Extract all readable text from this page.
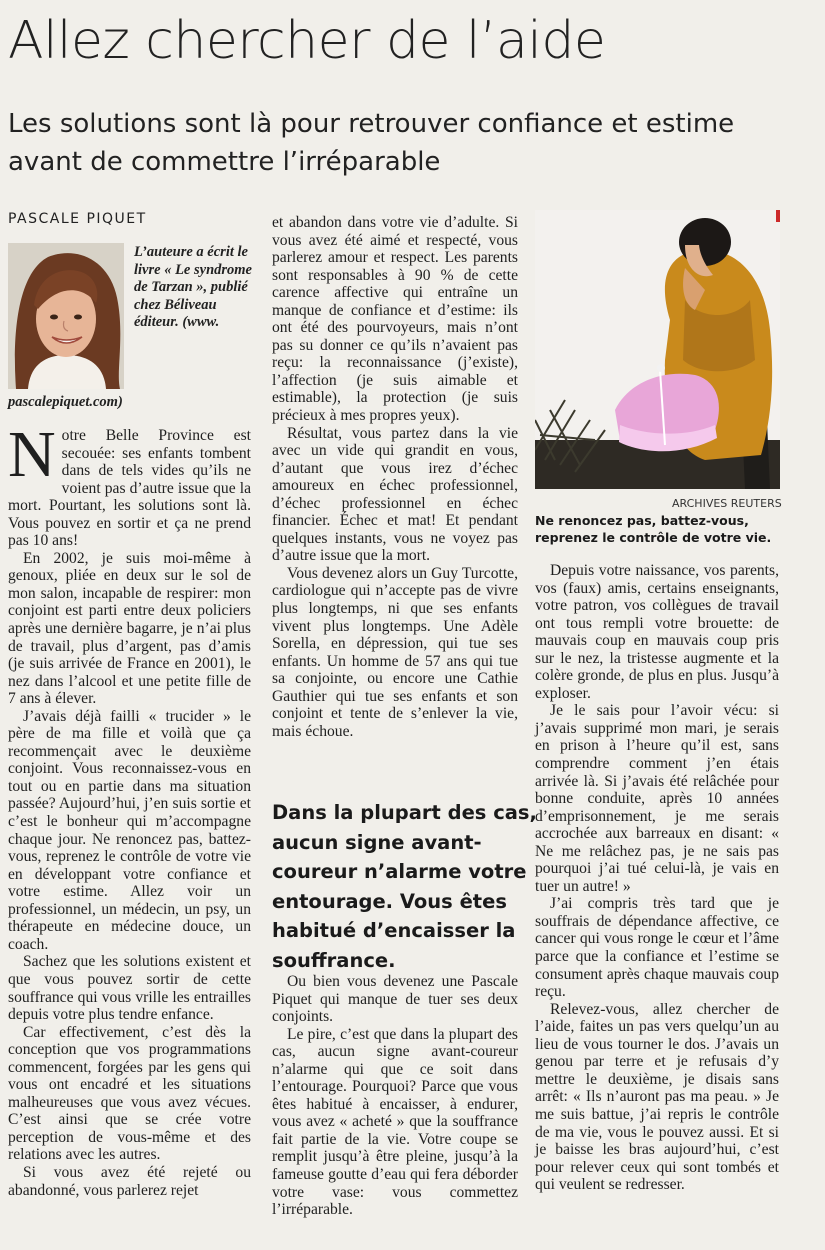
Allez chercher de l’aide
Les solutions sont là pour retrouver confiance et estime avant de commettre l’irréparable
PASCALE PIQUET
L’auteure a écrit le livre « Le syndrome de Tarzan », publié chez Béliveau éditeur. (www.
pascalepiquet.com)

Notre Belle Province est secouée: ses enfants tombent dans de tels vides qu’ils ne voient pas d’autre issue que la mort. Pourtant, les solutions sont là. Vous pouvez en sortir et ça ne prend pas 10 ans!

En 2002, je suis moi-même à genoux, pliée en deux sur le sol de mon salon, incapable de respirer: mon conjoint est parti entre deux policiers après une dernière bagarre, je n’ai plus de travail, plus d’argent, pas d’amis (je suis arrivée de France en 2001), le nez dans l’alcool et une petite fille de 7 ans à élever.

J’avais déjà failli « trucider » le père de ma fille et voilà que ça recommençait avec le deuxième conjoint. Vous reconnaissez-vous en tout ou en partie dans ma situation passée? Aujourd’hui, j’en suis sortie et c’est le bonheur qui m’accompagne chaque jour. Ne renoncez pas, battez-vous, reprenez le contrôle de votre vie en développant votre confiance et votre estime. Allez voir un professionnel, un médecin, un psy, un thérapeute en médecine douce, un coach.

Sachez que les solutions existent et que vous pouvez sortir de cette souffrance qui vous vrille les entrailles depuis votre plus tendre enfance.

Car effectivement, c’est dès la conception que vos programmations commencent, forgées par les gens qui vous ont encadré et les situations malheureuses que vous avez vécues. C’est ainsi que se crée votre perception de vous-même et des relations avec les autres.

Si vous avez été rejeté ou abandonné, vous parlerez rejet

et abandon dans votre vie d’adulte. Si vous avez été aimé et respecté, vous parlerez amour et respect. Les parents sont responsables à 90 % de cette carence affective qui entraîne un manque de confiance et d’estime: ils ont été des pourvoyeurs, mais n’ont pas su donner ce qu’ils n’avaient pas reçu: la reconnaissance (j’existe), l’affection (je suis aimable et estimable), la protection (je suis précieux à mes propres yeux).

Résultat, vous partez dans la vie avec un vide qui grandit en vous, d’autant que vous irez d’échec amoureux en échec professionnel, d’échec professionnel en échec financier. Échec et mat! Et pendant quelques instants, vous ne voyez pas d’autre issue que la mort.

Vous devenez alors un Guy Turcotte, cardiologue qui n’accepte pas de vivre plus longtemps, ni que ses enfants vivent plus longtemps. Une Adèle Sorella, en dépression, qui tue ses enfants. Un homme de 57 ans qui tue sa conjointe, ou encore une Cathie Gauthier qui tue ses enfants et son conjoint et tente de s’enlever la vie, mais échoue.

Dans la plupart des cas, aucun signe avant-coureur n’alarme votre entourage. Vous êtes habitué d’encaisser la souffrance.

Ou bien vous devenez une Pascale Piquet qui manque de tuer ses deux conjoints.

Le pire, c’est que dans la plupart des cas, aucun signe avant-coureur n’alarme qui que ce soit dans l’entourage. Pourquoi? Parce que vous êtes habitué à encaisser, à endurer, vous avez « acheté » que la souffrance fait partie de la vie. Votre coupe se remplit jusqu’à être pleine, jusqu’à la fameuse goutte d’eau qui fera déborder votre vase: vous commettez l’irréparable.

ARCHIVES REUTERS
Ne renoncez pas, battez-vous, reprenez le contrôle de votre vie.

Depuis votre naissance, vos parents, vos (faux) amis, certains enseignants, votre patron, vos collègues de travail ont tous rempli votre brouette: de mauvais coup en mauvais coup pris sur le nez, la tristesse augmente et la colère gronde, de plus en plus. Jusqu’à exploser.

Je le sais pour l’avoir vécu: si j’avais supprimé mon mari, je serais en prison à l’heure qu’il est, sans comprendre comment j’en étais arrivée là. Si j’avais été relâchée pour bonne conduite, après 10 années d’emprisonnement, je me serais accrochée aux barreaux en disant: « Ne me relâchez pas, je ne sais pas pourquoi j’ai tué celui-là, je vais en tuer un autre! »

J’ai compris très tard que je souffrais de dépendance affective, ce cancer qui vous ronge le cœur et l’âme parce que la confiance et l’estime se consument après chaque mauvais coup reçu.

Relevez-vous, allez chercher de l’aide, faites un pas vers quelqu’un au lieu de vous tourner le dos. J’avais un genou par terre et je refusais d’y mettre le deuxième, je disais sans arrêt: « Ils n’auront pas ma peau. » Je me suis battue, j’ai repris le contrôle de ma vie, vous le pouvez aussi. Et si je baisse les bras aujourd’hui, c’est pour relever ceux qui sont tombés et qui veulent se redresser.
